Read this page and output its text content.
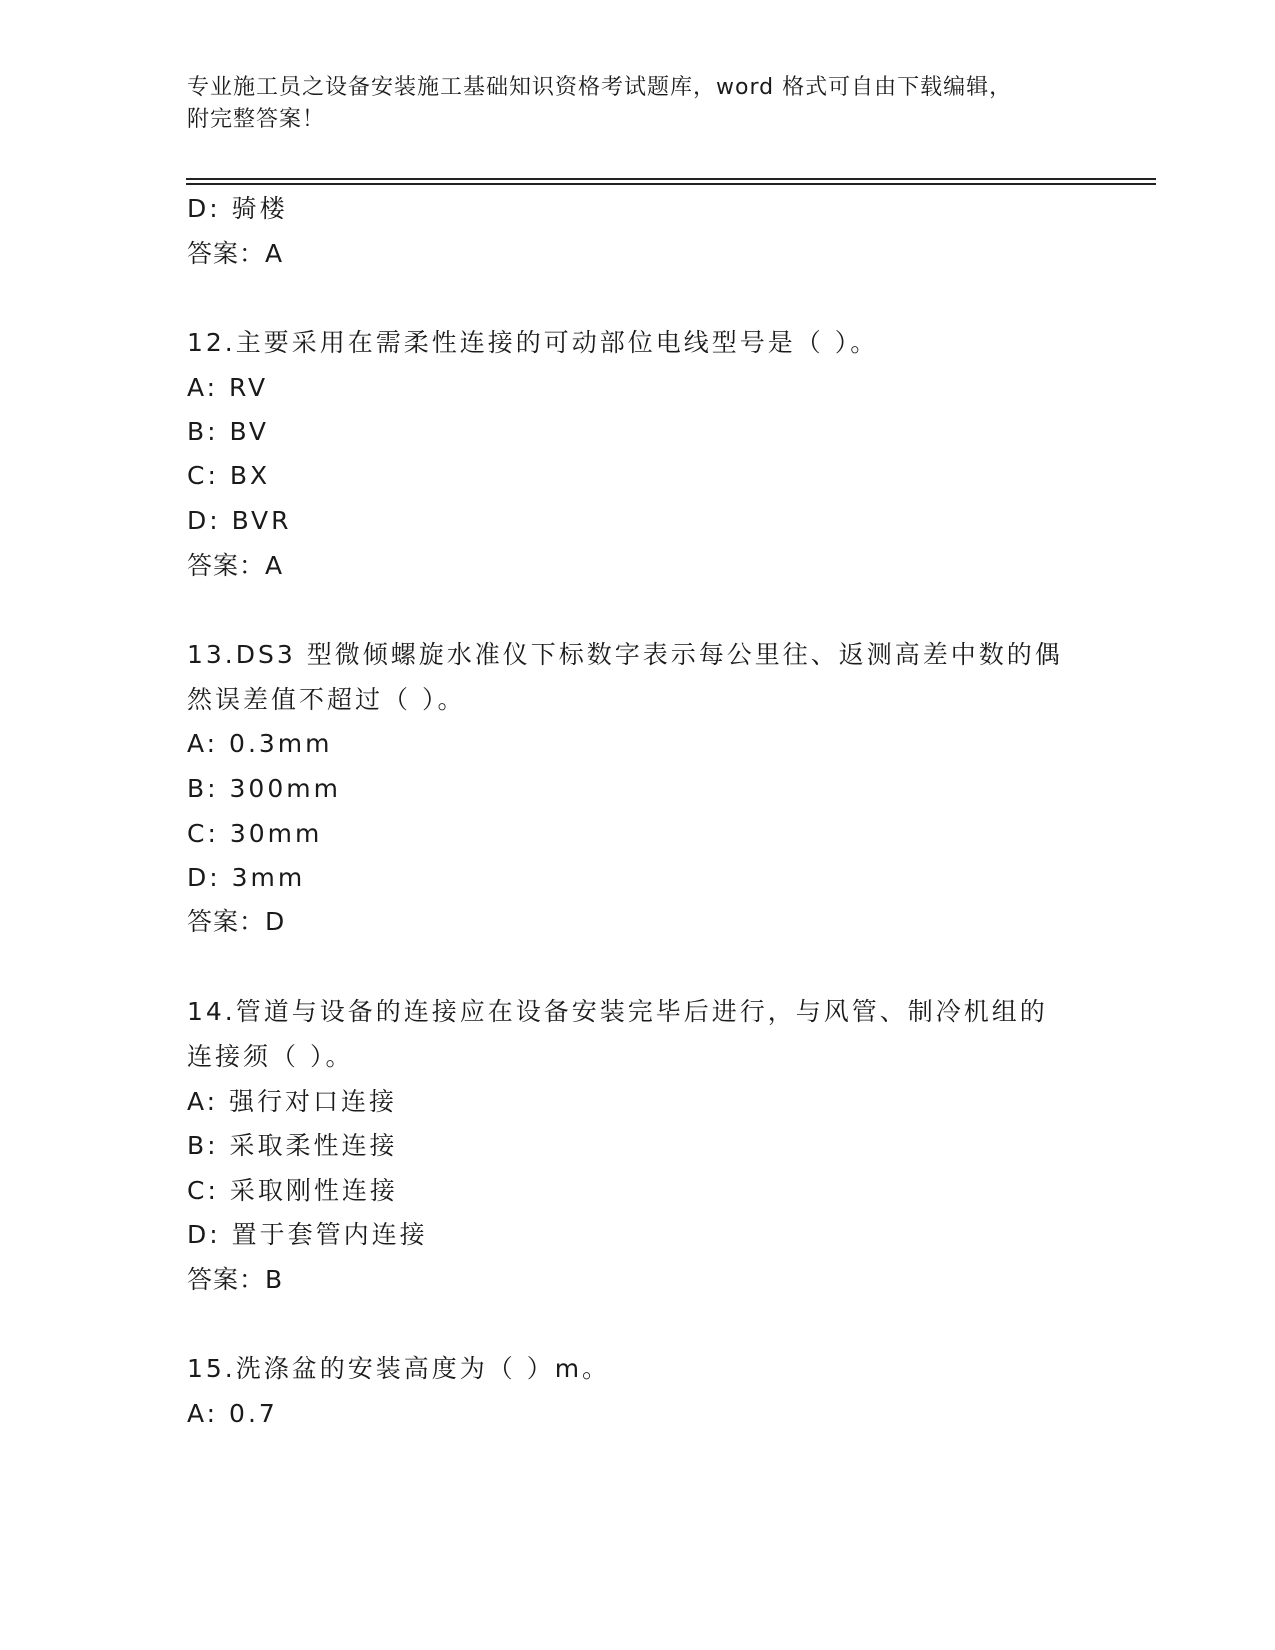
专业施工员之设备安装施工基础知识资格考试题库，word 格式可自由下载编辑，
附完整答案！
D: 骑楼
答案：A
12.主要采用在需柔性连接的可动部位电线型号是（ ）。
A: RV
B: BV
C: BX
D: BVR
答案：A
13.DS3 型微倾螺旋水准仪下标数字表示每公里往、返测高差中数的偶
然误差值不超过（ ）。
A: 0.3mm
B: 300mm
C: 30mm
D: 3mm
答案：D
14.管道与设备的连接应在设备安装完毕后进行，与风管、制冷机组的
连接须（ ）。
A: 强行对口连接
B: 采取柔性连接
C: 采取刚性连接
D: 置于套管内连接
答案：B
15.洗涤盆的安装高度为（ ）m。
A: 0.7
